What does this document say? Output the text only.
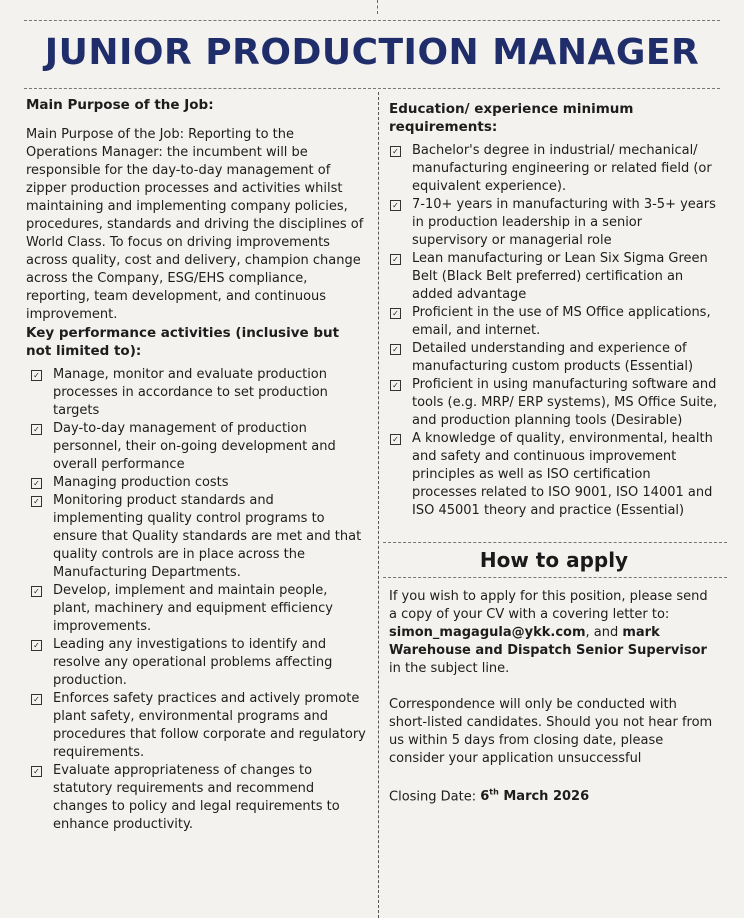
JUNIOR PRODUCTION MANAGER
Main Purpose of the Job:

Main Purpose of the Job: Reporting to the Operations Manager: the incumbent will be responsible for the day-to-day management of zipper production processes and activities whilst maintaining and implementing company policies, procedures, standards and driving the disciplines of World Class. To focus on driving improvements across quality, cost and delivery, champion change across the Company, ESG/EHS compliance, reporting, team development, and continuous improvement.

Key performance activities (inclusive but not limited to):
✓ Manage, monitor and evaluate production processes in accordance to set production targets
✓ Day-to-day management of production personnel, their on-going development and overall performance
✓ Managing production costs
✓ Monitoring product standards and implementing quality control programs to ensure that Quality standards are met and that quality controls are in place across the Manufacturing Departments.
✓ Develop, implement and maintain people, plant, machinery and equipment efficiency improvements.
✓ Leading any investigations to identify and resolve any operational problems affecting production.
✓ Enforces safety practices and actively promote plant safety, environmental programs and procedures that follow corporate and regulatory requirements.
✓ Evaluate appropriateness of changes to statutory requirements and recommend changes to policy and legal requirements to enhance productivity.
Education/ experience minimum requirements:
✓ Bachelor's degree in industrial/ mechanical/ manufacturing engineering or related field (or equivalent experience).
✓ 7-10+ years in manufacturing with 3-5+ years in production leadership in a senior supervisory or managerial role
✓ Lean manufacturing or Lean Six Sigma Green Belt (Black Belt preferred) certification an added advantage
✓ Proficient in the use of MS Office applications, email, and internet.
✓ Detailed understanding and experience of manufacturing custom products (Essential)
✓ Proficient in using manufacturing software and tools (e.g. MRP/ ERP systems), MS Office Suite, and production planning tools (Desirable)
✓ A knowledge of quality, environmental, health and safety and continuous improvement principles as well as ISO certification processes related to ISO 9001, ISO 14001 and ISO 45001 theory and practice (Essential)
How to apply

If you wish to apply for this position, please send a copy of your CV with a covering letter to: simon_magagula@ykk.com, and mark Warehouse and Dispatch Senior Supervisor in the subject line.

Correspondence will only be conducted with short-listed candidates. Should you not hear from us within 5 days from closing date, please consider your application unsuccessful

Closing Date: 6th March 2026
